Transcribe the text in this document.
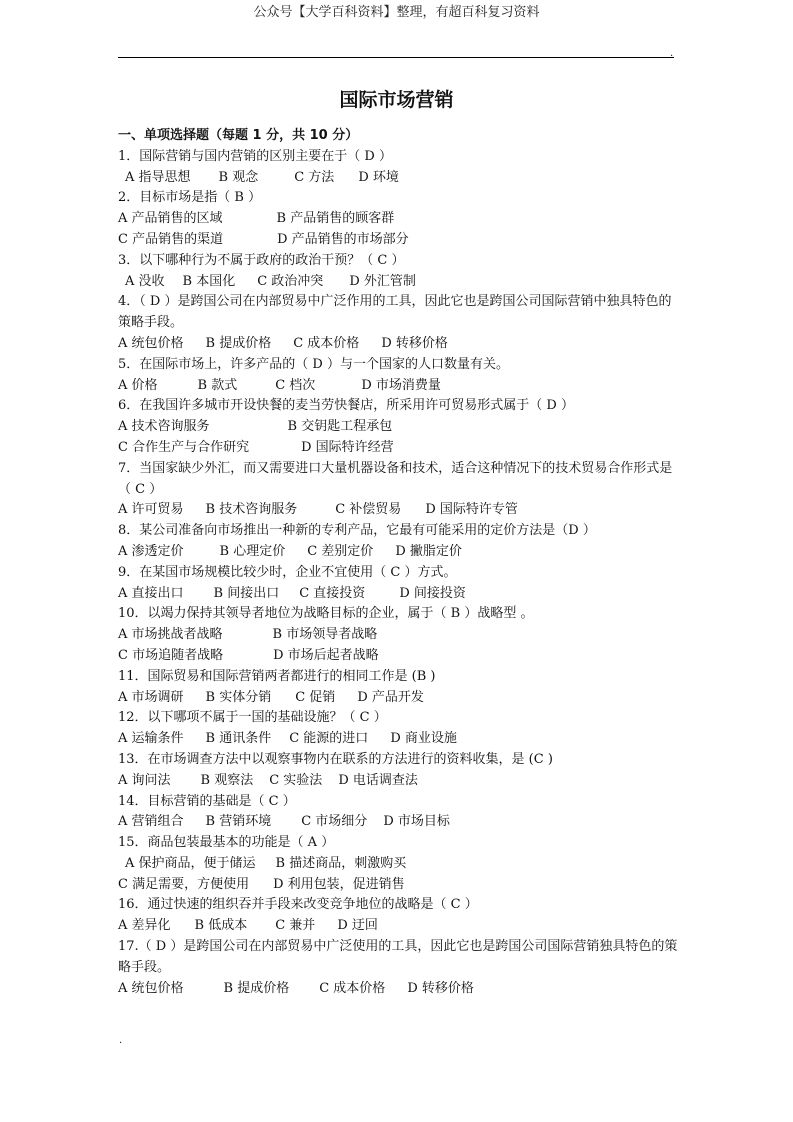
公众号【大学百科资料】整理，有超百科复习资料
.
国际市场营销
一、单项选择题（每题 1 分，共 10 分）
1．国际营销与国内营销的区别主要在于（ D ）
A 指导思想 B 观念	C 方法 D 环境
2．目标市场是指（ B ）
A 产品销售的区域	B 产品销售的顾客群
C 产品销售的渠道	D 产品销售的市场部分
3．以下哪种行为不属于政府的政治干预？（ C ）
A 没收 B 本国化 C 政治冲突 D 外汇管制
4．（ D ）是跨国公司在内部贸易中广泛作用的工具，因此它也是跨国公司国际营销中独具特色的策略手段。
A 统包价格 B 提成价格 C 成本价格 D 转移价格
5．在国际市场上，许多产品的（ D ）与一个国家的人口数量有关。
A 价格	B 款式	C 档次	D 市场消费量
6．在我国许多城市开设快餐的麦当劳快餐店，所采用许可贸易形式属于（ D ）
A 技术咨询服务	B 交钥匙工程承包
C 合作生产与合作研究	D 国际特许经营
7．当国家缺少外汇，而又需要进口大量机器设备和技术，适合这种情况下的技术贸易合作形式是（ C ）
A 许可贸易 B 技术咨询服务	C 补偿贸易 D 国际特许专管
8．某公司准备向市场推出一种新的专利产品，它最有可能采用的定价方法是（D ）
A 渗透定价	B 心理定价 C 差别定价 D 撇脂定价
9．在某国市场规模比较少时，企业不宜使用（ C ）方式。
A 直接出口 B 间接出口 C 直接投资	D 间接投资
10．以竭力保持其领导者地位为战略目标的企业，属于（ B ）战略型 。
A 市场挑战者战略	B 市场领导者战略
C 市场追随者战略	D 市场后起者战略
11．国际贸易和国际营销两者都进行的相同工作是 (B )
A 市场调研 B 实体分销 C 促销 D 产品开发
12．以下哪项不属于一国的基础设施？（ C ）
A 运输条件 B 通讯条件 C 能源的进口 D 商业设施
13．在市场调查方法中以观察事物内在联系的方法进行的资料收集，是 (C )
A 询问法 B 观察法 C 实验法 D 电话调查法
14．目标营销的基础是（ C ）
A 营销组合 B 营销环境 C 市场细分 D 市场目标
15．商品包装最基本的功能是（ A ）
A 保护商品，便于储运 B 描述商品，刺激购买
C 满足需要，方便使用 D 利用包装，促进销售
16．通过快速的组织吞并手段来改变竞争地位的战略是（ C ）
A 差异化 B 低成本 C 兼并 D 迂回
17.（ D ）是跨国公司在内部贸易中广泛使用的工具，因此它也是跨国公司国际营销独具特色的策略手段。
A 统包价格	B 提成价格 C 成本价格 D 转移价格
.
